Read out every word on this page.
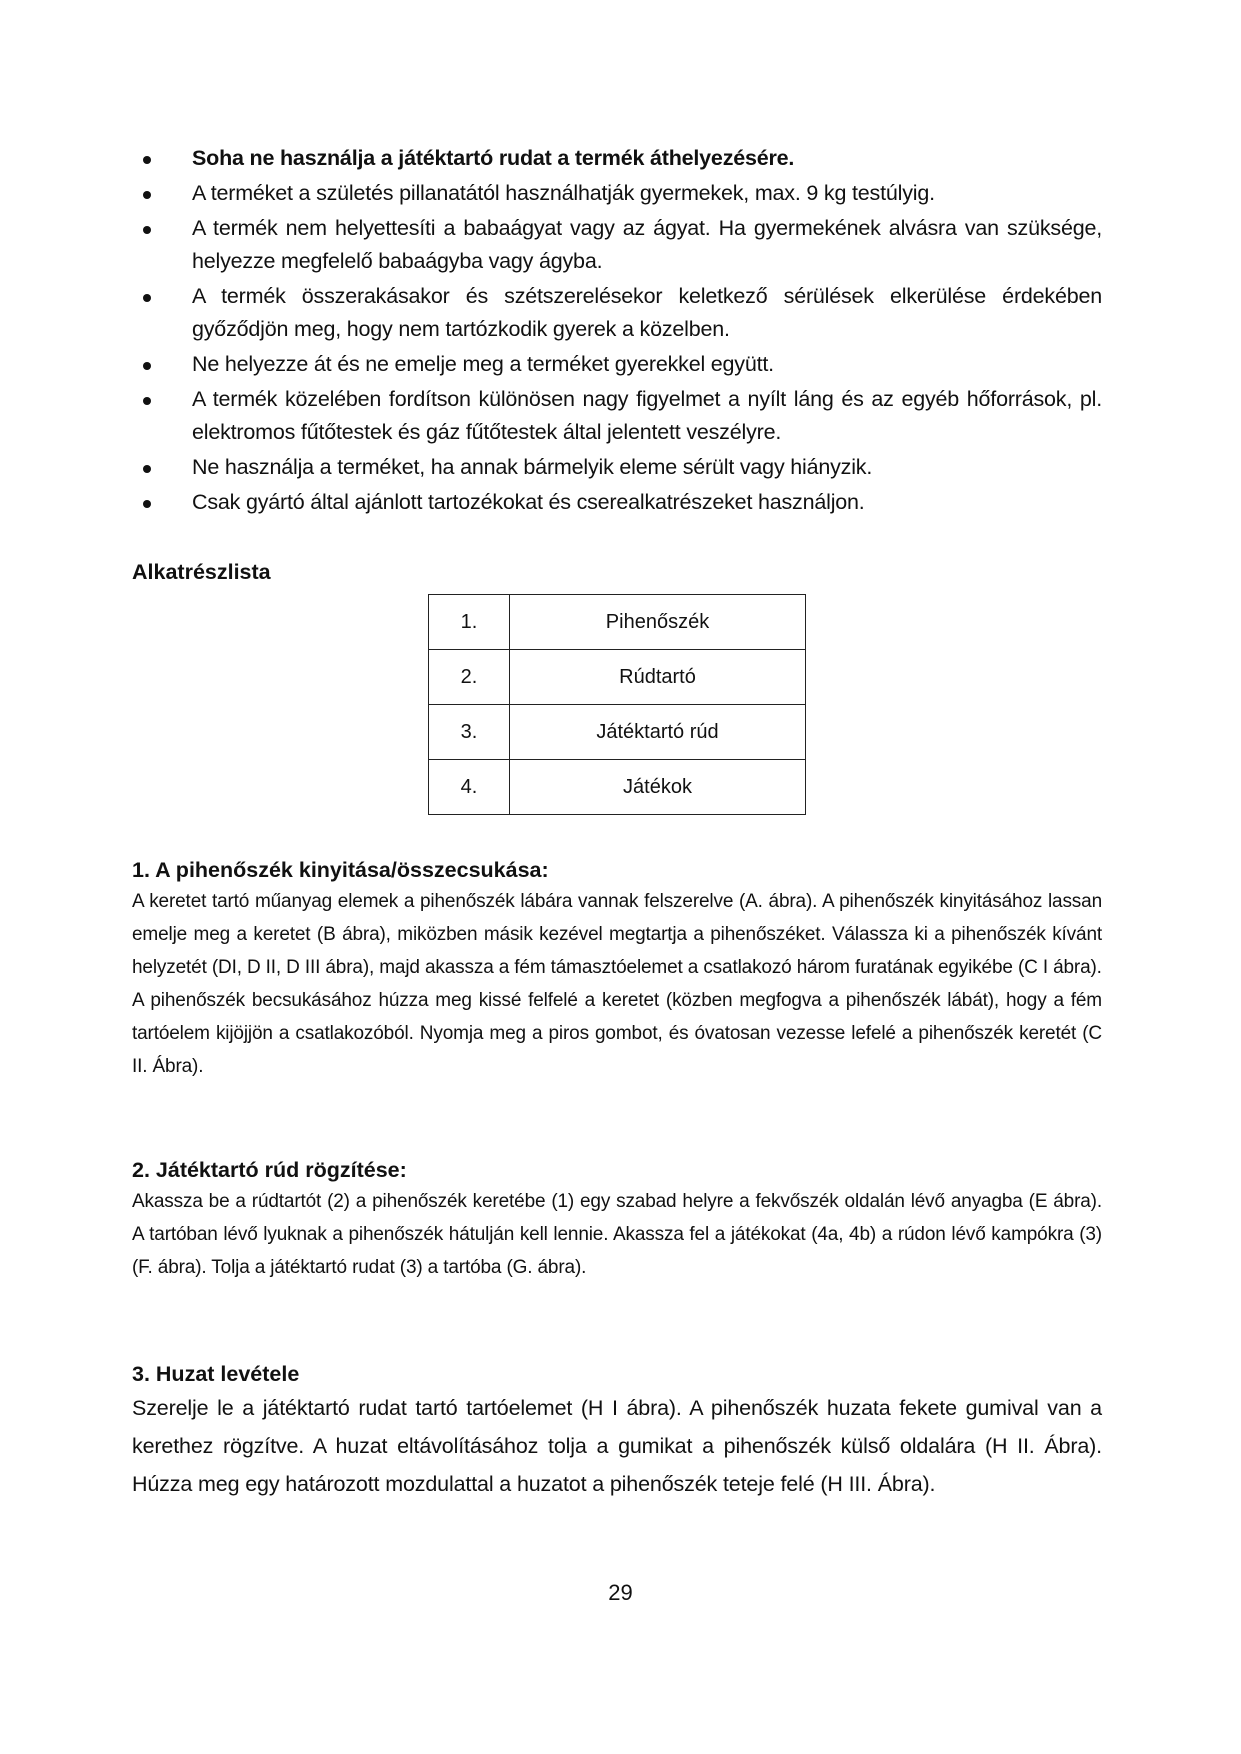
Soha ne használja a játéktartó rudat a termék áthelyezésére.
A terméket a születés pillanatától használhatják gyermekek, max. 9 kg testúlyig.
A termék nem helyettesíti a babaágyat vagy az ágyat. Ha gyermekének alvásra van szüksége, helyezze megfelelő babaágyba vagy ágyba.
A termék összerakásakor és szétszerelésekor keletkező sérülések elkerülése érdekében győződjön meg, hogy nem tartózkodik gyerek a közelben.
Ne helyezze át és ne emelje meg a terméket gyerekkel együtt.
A termék közelében fordítson különösen nagy figyelmet a nyílt láng és az egyéb hőforrások, pl. elektromos fűtőtestek és gáz fűtőtestek által jelentett veszélyre.
Ne használja a terméket, ha annak bármelyik eleme sérült vagy hiányzik.
Csak gyártó által ajánlott tartozékokat és cserealkatrészeket használjon.
Alkatrészlista
1.	Pihenőszék
2.	Rúdtartó
3.	Játéktartó rúd
4.	Játékok
1. A pihenőszék kinyitása/összecsukása:

A keretet tartó műanyag elemek a pihenőszék lábára vannak felszerelve (A. ábra). A pihenőszék kinyitásához lassan emelje meg a keretet (B ábra), miközben másik kezével megtartja a pihenőszéket. Válassza ki a pihenőszék kívánt helyzetét (DI, D II, D III ábra), majd akassza a fém támasztóelemet a csatlakozó három furatának egyikébe (C I ábra).

A pihenőszék becsukásához húzza meg kissé felfelé a keretet (közben megfogva a pihenőszék lábát), hogy a fém tartóelem kijöjjön a csatlakozóból. Nyomja meg a piros gombot, és óvatosan vezesse lefelé a pihenőszék keretét (C II. Ábra).

2. Játéktartó rúd rögzítése:

Akassza be a rúdtartót (2) a pihenőszék keretébe (1) egy szabad helyre a fekvőszék oldalán lévő anyagba (E ábra). A tartóban lévő lyuknak a pihenőszék hátulján kell lennie. Akassza fel a játékokat (4a, 4b) a rúdon lévő kampókra (3) (F. ábra). Tolja a játéktartó rudat (3) a tartóba (G. ábra).

3. Huzat levétele

Szerelje le a játéktartó rudat tartó tartóelemet (H I ábra). A pihenőszék huzata fekete gumival van a kerethez rögzítve. A huzat eltávolításához tolja a gumikat a pihenőszék külső oldalára (H II. Ábra). Húzza meg egy határozott mozdulattal a huzatot a pihenőszék teteje felé (H III. Ábra).

29
